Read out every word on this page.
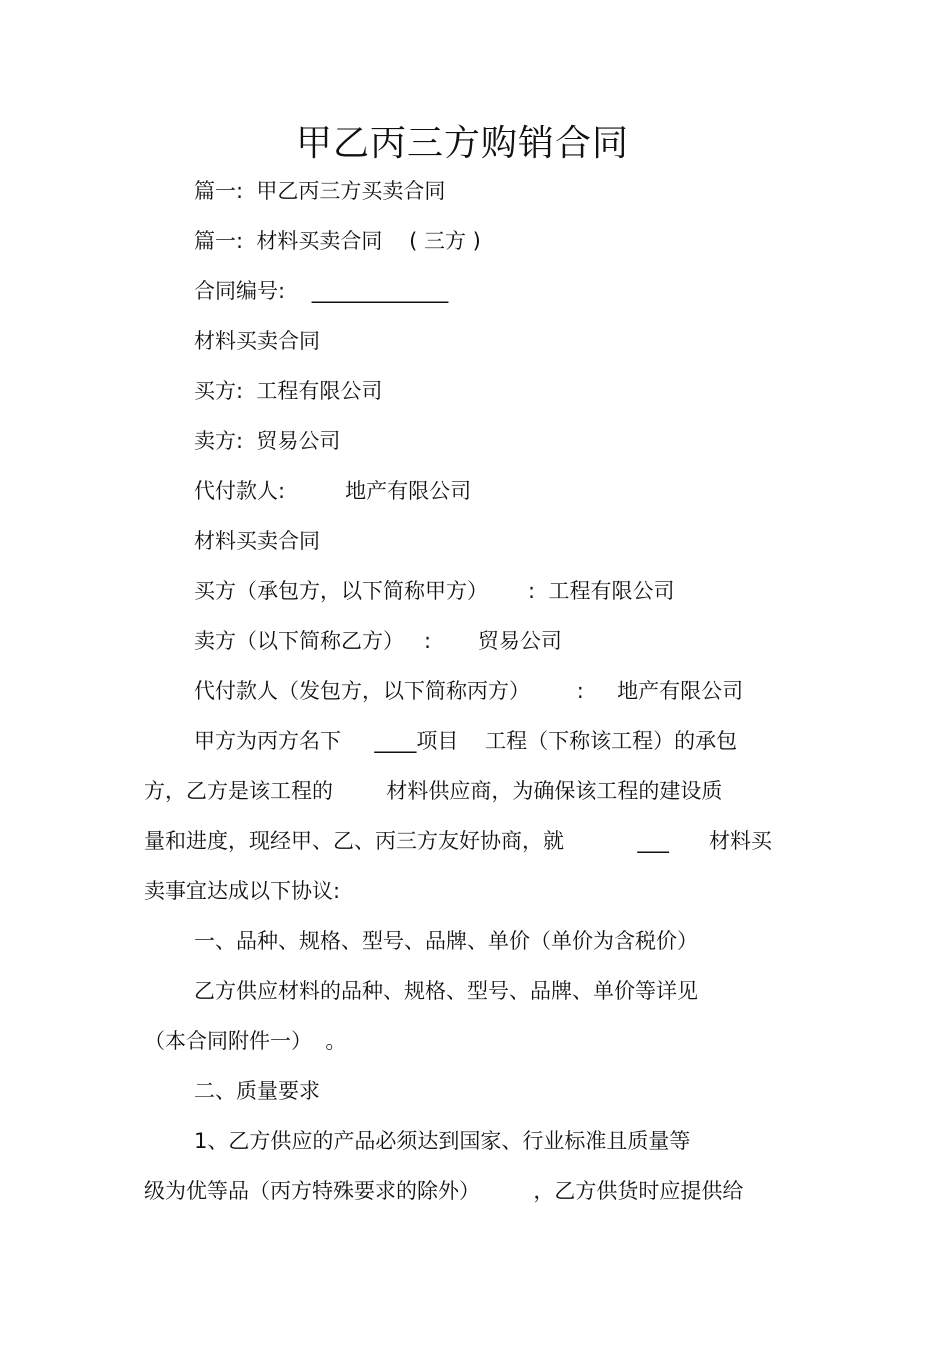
甲乙丙三方购销合同
篇一:  甲乙丙三方买卖合同
篇一:  材料买卖合同    ( 三方 )
合同编号:    _____________
材料买卖合同
买方:  工程有限公司
卖方:  贸易公司
代付款人:         地产有限公司
材料买卖合同
买方（承包方，以下简称甲方）      :  工程有限公司
卖方（以下简称乙方）   :       贸易公司
代付款人（发包方，以下简称丙方）       :     地产有限公司
甲方为丙方名下     ____项目    工程（下称该工程）的承包
方，乙方是该工程的        材料供应商，为确保该工程的建设质
量和进度，现经甲、乙、丙三方友好协商，就           ___      材料买
卖事宜达成以下协议:
一、品种、规格、型号、品牌、单价（单价为含税价）
乙方供应材料的品种、规格、型号、品牌、单价等详见
（本合同附件一）  。
二、质量要求
1、乙方供应的产品必须达到国家、行业标准且质量等
级为优等品（丙方特殊要求的除外）        ，乙方供货时应提供给
